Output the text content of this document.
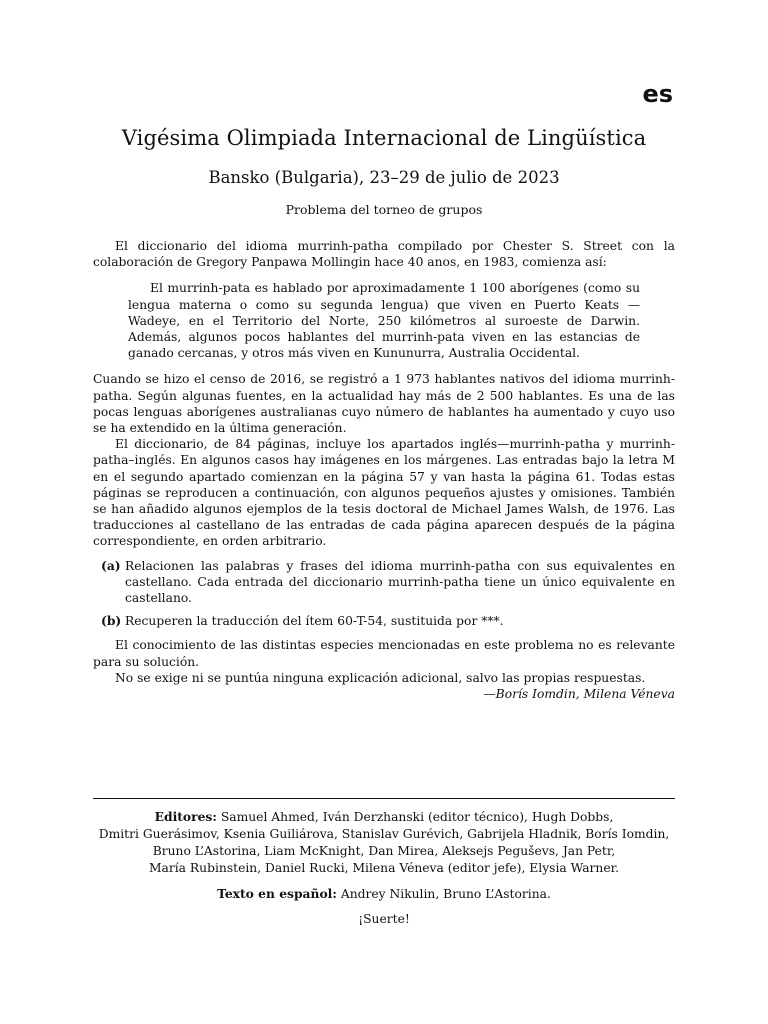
es
Vigésima Olimpiada Internacional de Lingüística
Bansko (Bulgaria), 23–29 de julio de 2023
Problema del torneo de grupos

El diccionario del idioma murrinh-patha compilado por Chester S. Street con la colaboración de Gregory Panpawa Mollingin hace 40 anos, en 1983, comienza así:

El murrinh-pata es hablado por aproximadamente 1 100 aborígenes (como su lengua materna o como su segunda lengua) que viven en Puerto Keats — Wadeye, en el Territorio del Norte, 250 kilómetros al suroeste de Darwin. Además, algunos pocos hablantes del murrinh-pata viven en las estancias de ganado cercanas, y otros más viven en Kununurra, Australia Occidental.

Cuando se hizo el censo de 2016, se registró a 1 973 hablantes nativos del idioma murrinh-patha. Según algunas fuentes, en la actualidad hay más de 2 500 hablantes. Es una de las pocas lenguas aborígenes australianas cuyo número de hablantes ha aumentado y cuyo uso se ha extendido en la última generación.

El diccionario, de 84 páginas, incluye los apartados inglés—murrinh-patha y murrinh-patha–inglés. En algunos casos hay imágenes en los márgenes. Las entradas bajo la letra M en el segundo apartado comienzan en la página 57 y van hasta la página 61. Todas estas páginas se reproducen a continuación, con algunos pequeños ajustes y omisiones. También se han añadido algunos ejemplos de la tesis doctoral de Michael James Walsh, de 1976. Las traducciones al castellano de las entradas de cada página aparecen después de la página correspondiente, en orden arbitrario.

(a) Relacionen las palabras y frases del idioma murrinh-patha con sus equivalentes en castellano. Cada entrada del diccionario murrinh-patha tiene un único equivalente en castellano.
(b) Recuperen la traducción del ítem 60-T-54, sustituida por ***.

El conocimiento de las distintas especies mencionadas en este problema no es relevante para su solución.

No se exige ni se puntúa ninguna explicación adicional, salvo las propias respuestas.

—Borís Iomdin, Milena Véneva

Editores: Samuel Ahmed, Iván Derzhanski (editor técnico), Hugh Dobbs,

Dmitri Guerásimov, Ksenia Guiliárova, Stanislav Gurévich, Gabrijela Hladnik, Borís Iomdin,

Bruno L’Astorina, Liam McKnight, Dan Mirea, Aleksejs Peguševs, Jan Petr,

María Rubinstein, Daniel Rucki, Milena Véneva (editor jefe), Elysia Warner.

Texto en español: Andrey Nikulin, Bruno L’Astorina.

¡Suerte!
